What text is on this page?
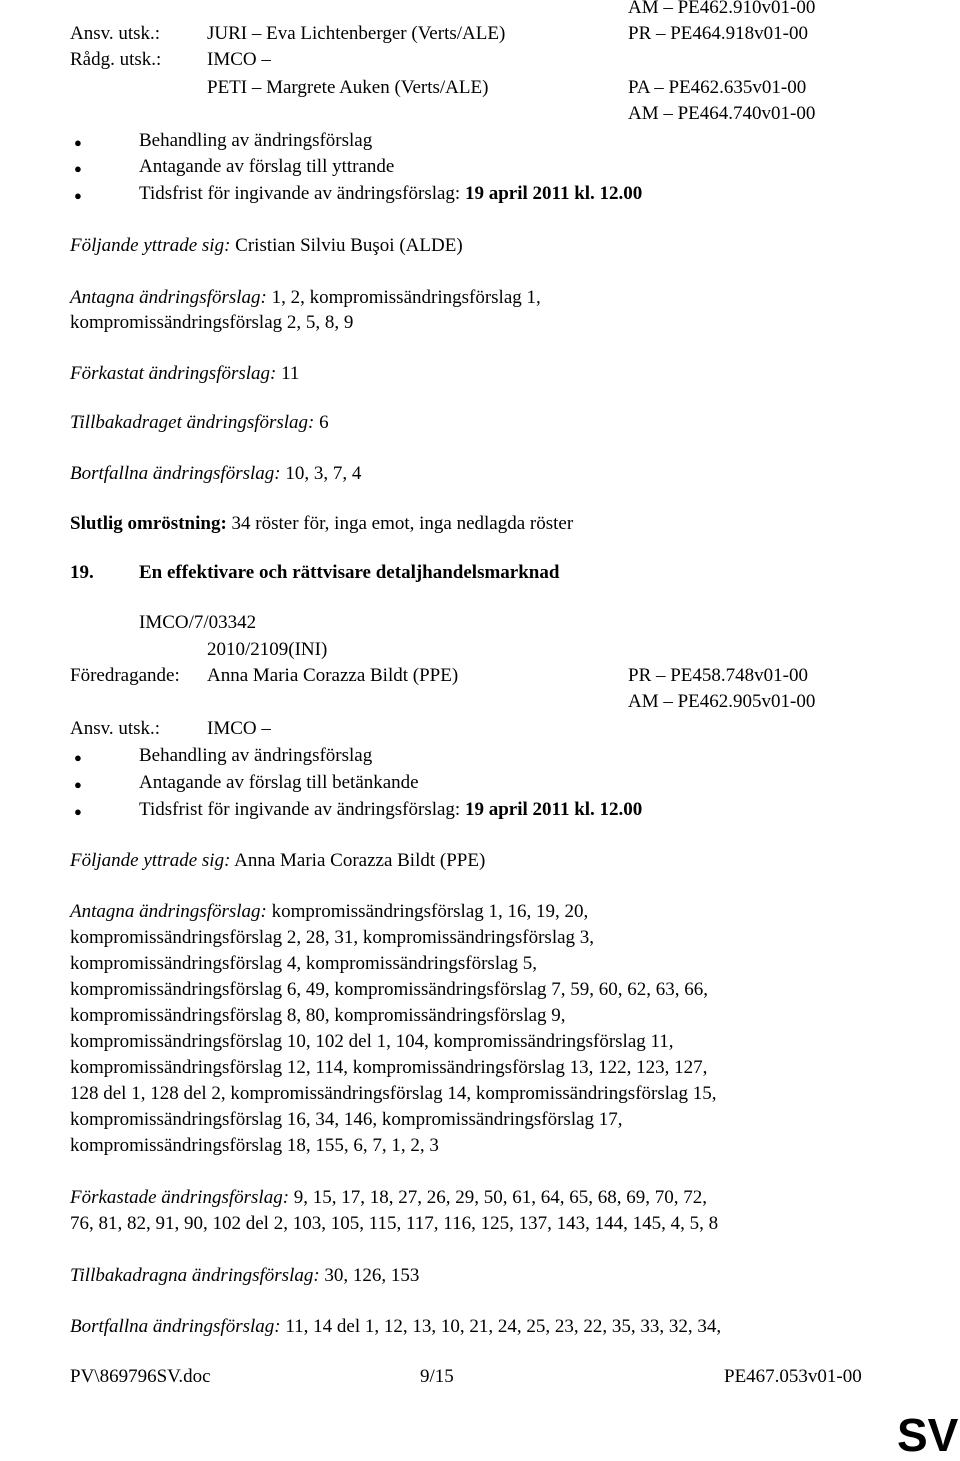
AM – PE462.910v01-00
Ansv. utsk.: JURI – Eva Lichtenberger (Verts/ALE)	PR – PE464.918v01-00
Rådg. utsk.: IMCO –
PETI – Margrete Auken (Verts/ALE)	PA – PE462.635v01-00
AM – PE464.740v01-00
●	Behandling av ändringsförslag
●	Antagande av förslag till yttrande
●	Tidsfrist för ingivande av ändringsförslag: 19 april 2011 kl. 12.00
Följande yttrade sig: Cristian Silviu Buşoi (ALDE)
Antagna ändringsförslag: 1, 2, kompromissändringsförslag 1,
kompromissändringsförslag 2, 5, 8, 9
Förkastat ändringsförslag: 11
Tillbakadraget ändringsförslag: 6
Bortfallna ändringsförslag: 10, 3, 7, 4
Slutlig omröstning: 34 röster för, inga emot, inga nedlagda röster
19. En effektivare och rättvisare detaljhandelsmarknad
IMCO/7/03342
2010/2109(INI)
Föredragande: Anna Maria Corazza Bildt (PPE)	PR – PE458.748v01-00
AM – PE462.905v01-00
Ansv. utsk.: IMCO –
●	Behandling av ändringsförslag
●	Antagande av förslag till betänkande
●	Tidsfrist för ingivande av ändringsförslag: 19 april 2011 kl. 12.00
Följande yttrade sig: Anna Maria Corazza Bildt (PPE)
Antagna ändringsförslag: kompromissändringsförslag 1, 16, 19, 20,
kompromissändringsförslag 2, 28, 31, kompromissändringsförslag 3,
kompromissändringsförslag 4, kompromissändringsförslag 5,
kompromissändringsförslag 6, 49, kompromissändringsförslag 7, 59, 60, 62, 63, 66,
kompromissändringsförslag 8, 80, kompromissändringsförslag 9,
kompromissändringsförslag 10, 102 del 1, 104, kompromissändringsförslag 11,
kompromissändringsförslag 12, 114, kompromissändringsförslag 13, 122, 123, 127,
128 del 1, 128 del 2, kompromissändringsförslag 14, kompromissändringsförslag 15,
kompromissändringsförslag 16, 34, 146, kompromissändringsförslag 17,
kompromissändringsförslag 18, 155, 6, 7, 1, 2, 3
Förkastade ändringsförslag: 9, 15, 17, 18, 27, 26, 29, 50, 61, 64, 65, 68, 69, 70, 72,
76, 81, 82, 91, 90, 102 del 2, 103, 105, 115, 117, 116, 125, 137, 143, 144, 145, 4, 5, 8
Tillbakadragna ändringsförslag: 30, 126, 153
Bortfallna ändringsförslag: 11, 14 del 1, 12, 13, 10, 21, 24, 25, 23, 22, 35, 33, 32, 34,
PV\869796SV.doc	9/15	PE467.053v01-00
SV
